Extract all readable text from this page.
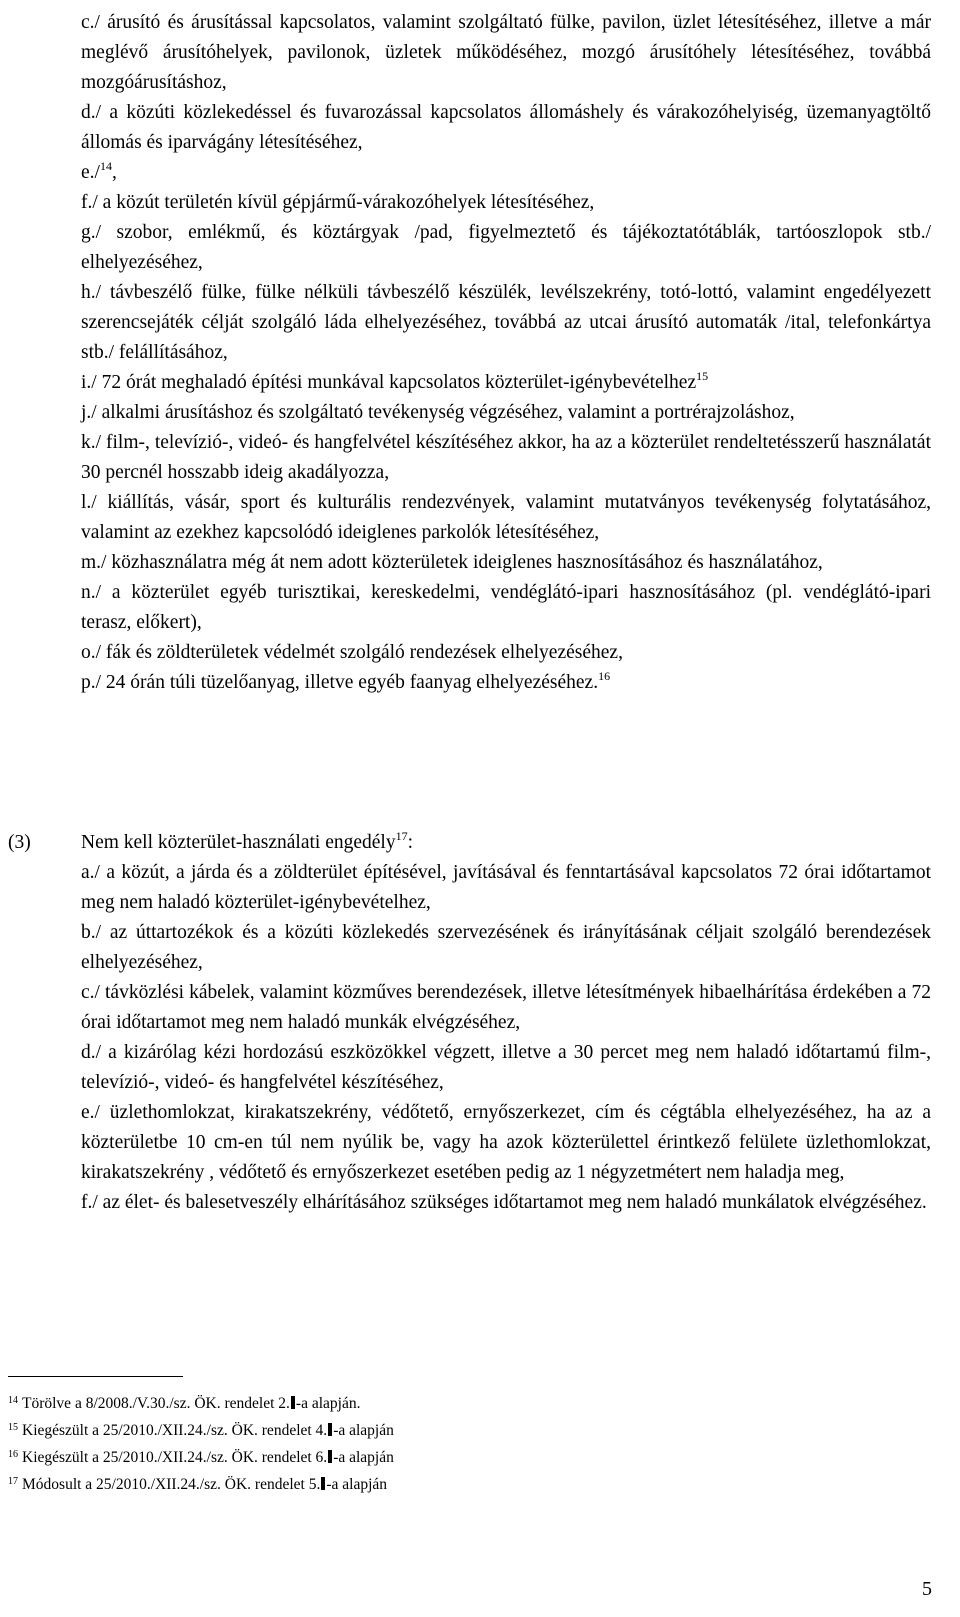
c./ árusító és árusítással kapcsolatos, valamint szolgáltató fülke, pavilon, üzlet létesítéséhez, illetve a már meglévő árusítóhelyek, pavilonok, üzletek működéséhez, mozgó árusítóhely létesítéséhez, továbbá mozgóárusításhoz,
d./ a közúti közlekedéssel és fuvarozással kapcsolatos állomáshely és várakozóhelyiség, üzemanyagtöltő állomás és iparvágány létesítéséhez,
e./$^{14}$,
f./ a közút területén kívül gépjármű-várakozóhelyek létesítéséhez,
g./ szobor, emlékmű, és köztárgyak /pad, figyelmeztető és tájékoztatótáblák, tartóoszlopok stb./ elhelyezéséhez,
h./ távbeszélő fülke, fülke nélküli távbeszélő készülék, levélszekrény, totó-lottó, valamint engedélyezett szerencsejáték célját szolgáló láda elhelyezéséhez, továbbá az utcai árusító automaták /ital, telefonkártya stb./ felállításához,
i./ 72 órát meghaladó építési munkával kapcsolatos közterület-igénybevételhez$^{15}$
j./ alkalmi árusításhoz és szolgáltató tevékenység végzéséhez, valamint a portrérajzoláshoz,
k./ film-, televízió-, videó- és hangfelvétel készítéséhez akkor, ha az a közterület rendeltetésszerű használatát 30 percnél hosszabb ideig akadályozza,
l./ kiállítás, vásár, sport és kulturális rendezvények, valamint mutatványos tevékenység folytatásához, valamint az ezekhez kapcsolódó ideiglenes parkolók létesítéséhez,
m./ közhasználatra még át nem adott közterületek ideiglenes hasznosításához és használatához,
n./ a közterület egyéb turisztikai, kereskedelmi, vendéglátó-ipari hasznosításához (pl. vendéglátó-ipari terasz, előkert),
o./ fák és zöldterületek védelmét szolgáló rendezések elhelyezéséhez,
p./ 24 órán túli tüzelőanyag, illetve egyéb faanyag elhelyezéséhez.$^{16}$
(3)	Nem kell közterület-használati engedély$^{17}$:
a./ a közút, a járda és a zöldterület építésével, javításával és fenntartásával kapcsolatos 72 órai időtartamot meg nem haladó közterület-igénybevételhez,
b./ az úttartozékok és a közúti közlekedés szervezésének és irányításának céljait szolgáló berendezések elhelyezéséhez,
c./ távközlési kábelek, valamint közműves berendezések, illetve létesítmények hibaelhárítása érdekében a 72 órai időtartamot meg nem haladó munkák elvégzéséhez,
d./ a kizárólag kézi hordozású eszközökkel végzett, illetve a 30 percet meg nem haladó időtartamú film-, televízió-, videó- és hangfelvétel készítéséhez,
e./ üzlethomlokzat, kirakatszekrény, védőtető, ernyőszerkezet, cím és cégtábla elhelyezéséhez, ha az a közterületbe 10 cm-en túl nem nyúlik be, vagy ha azok közterülettel érintkező felülete üzlethomlokzat, kirakatszekrény , védőtető és ernyőszerkezet esetében pedig az 1 négyzetmétert nem haladja meg,
f./ az élet- és balesetveszély elhárításához szükséges időtartamot meg nem haladó munkálatok elvégzéséhez.
$^{14}$ Törölve a 8/2008./V.30./sz. ÖK. rendelet 2. -a alapján.
$^{15}$ Kiegészült a 25/2010./XII.24./sz. ÖK. rendelet 4. -a alapján
$^{16}$ Kiegészült a 25/2010./XII.24./sz. ÖK. rendelet 6. -a alapján
$^{17}$ Módosult a 25/2010./XII.24./sz. ÖK. rendelet 5. -a alapján
5
